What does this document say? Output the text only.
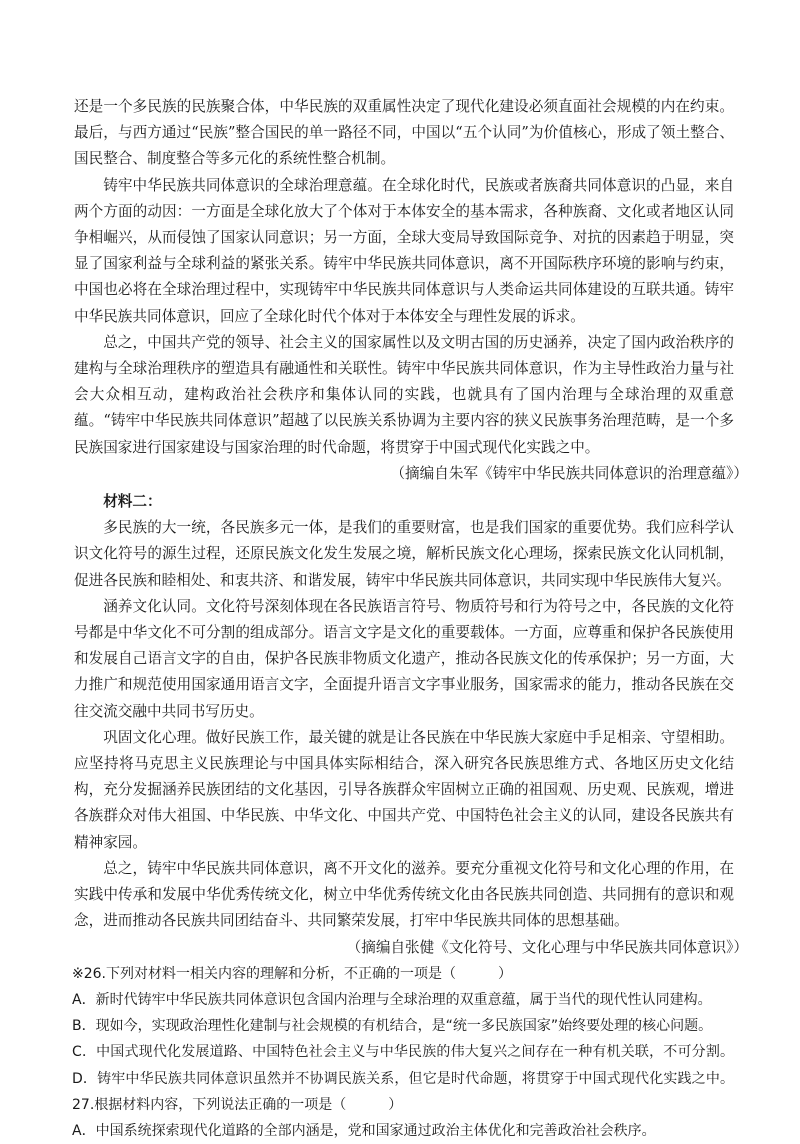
还是一个多民族的民族聚合体，中华民族的双重属性决定了现代化建设必须直面社会规模的内在约束。最后，与西方通过“民族”整合国民的单一路径不同，中国以“五个认同”为价值核心，形成了领土整合、国民整合、制度整合等多元化的系统性整合机制。

铸牢中华民族共同体意识的全球治理意蕴。在全球化时代，民族或者族裔共同体意识的凸显，来自两个方面的动因：一方面是全球化放大了个体对于本体安全的基本需求，各种族裔、文化或者地区认同争相崛兴，从而侵蚀了国家认同意识；另一方面，全球大变局导致国际竞争、对抗的因素趋于明显，突显了国家利益与全球利益的紧张关系。铸牢中华民族共同体意识，离不开国际秩序环境的影响与约束，中国也必将在全球治理过程中，实现铸牢中华民族共同体意识与人类命运共同体建设的互联共通。铸牢中华民族共同体意识，回应了全球化时代个体对于本体安全与理性发展的诉求。

总之，中国共产党的领导、社会主义的国家属性以及文明古国的历史涵养，决定了国内政治秩序的建构与全球治理秩序的塑造具有融通性和关联性。铸牢中华民族共同体意识，作为主导性政治力量与社会大众相互动，建构政治社会秩序和集体认同的实践，也就具有了国内治理与全球治理的双重意蕴。“铸牢中华民族共同体意识”超越了以民族关系协调为主要内容的狭义民族事务治理范畴，是一个多民族国家进行国家建设与国家治理的时代命题，将贯穿于中国式现代化实践之中。

（摘编自朱军《铸牢中华民族共同体意识的治理意蕴》）

材料二：

多民族的大一统，各民族多元一体，是我们的重要财富，也是我们国家的重要优势。我们应科学认识文化符号的源生过程，还原民族文化发生发展之境，解析民族文化心理场，探索民族文化认同机制，促进各民族和睦相处、和衷共济、和谐发展，铸牢中华民族共同体意识，共同实现中华民族伟大复兴。

涵养文化认同。文化符号深刻体现在各民族语言符号、物质符号和行为符号之中，各民族的文化符号都是中华文化不可分割的组成部分。语言文字是文化的重要载体。一方面，应尊重和保护各民族使用和发展自己语言文字的自由，保护各民族非物质文化遗产，推动各民族文化的传承保护；另一方面，大力推广和规范使用国家通用语言文字，全面提升语言文字事业服务，国家需求的能力，推动各民族在交往交流交融中共同书写历史。

巩固文化心理。做好民族工作，最关键的就是让各民族在中华民族大家庭中手足相亲、守望相助。应坚持将马克思主义民族理论与中国具体实际相结合，深入研究各民族思维方式、各地区历史文化结构，充分发掘涵养民族团结的文化基因，引导各族群众牢固树立正确的祖国观、历史观、民族观，增进各族群众对伟大祖国、中华民族、中华文化、中国共产党、中国特色社会主义的认同，建设各民族共有精神家园。

总之，铸牢中华民族共同体意识，离不开文化的滋养。要充分重视文化符号和文化心理的作用，在实践中传承和发展中华优秀传统文化，树立中华优秀传统文化由各民族共同创造、共同拥有的意识和观念，进而推动各民族共同团结奋斗、共同繁荣发展，打牢中华民族共同体的思想基础。

（摘编自张健《文化符号、文化心理与中华民族共同体意识》）

※26.下列对材料一相关内容的理解和分析，不正确的一项是（　　　）

A．新时代铸牢中华民族共同体意识包含国内治理与全球治理的双重意蕴，属于当代的现代性认同建构。

B．现如今，实现政治理性化建制与社会规模的有机结合，是“统一多民族国家”始终要处理的核心问题。

C．中国式现代化发展道路、中国特色社会主义与中华民族的伟大复兴之间存在一种有机关联，不可分割。D．铸牢中华民族共同体意识虽然并不协调民族关系，但它是时代命题，将贯穿于中国式现代化实践之中。27.根据材料内容，下列说法正确的一项是（　　　）

A．中国系统探索现代化道路的全部内涵是，党和国家通过政治主体优化和完善政治社会秩序。
